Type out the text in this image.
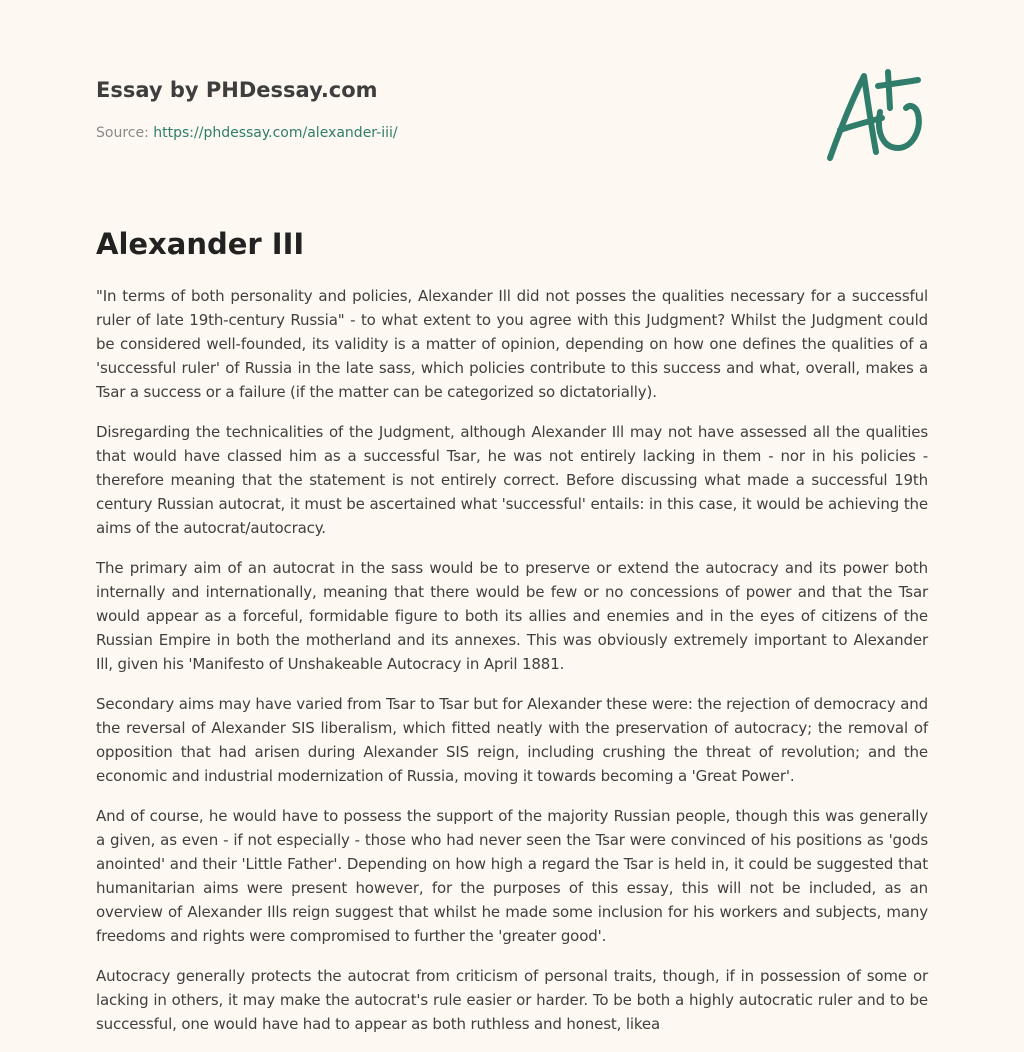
Essay by PHDessay.com
Source: https://phdessay.com/alexander-iii/
Alexander III

"In terms of both personality and policies, Alexander Ill did not posses the qualities necessary for a successful ruler of late 19th-century Russia" - to what extent to you agree with this Judgment? Whilst the Judgment could be considered well-founded, its validity is a matter of opinion, depending on how one defines the qualities of a 'successful ruler' of Russia in the late sass, which policies contribute to this success and what, overall, makes a Tsar a success or a failure (if the matter can be categorized so dictatorially).

Disregarding the technicalities of the Judgment, although Alexander Ill may not have assessed all the qualities that would have classed him as a successful Tsar, he was not entirely lacking in them - nor in his policies - therefore meaning that the statement is not entirely correct. Before discussing what made a successful 19th century Russian autocrat, it must be ascertained what 'successful' entails: in this case, it would be achieving the aims of the autocrat/autocracy.

The primary aim of an autocrat in the sass would be to preserve or extend the autocracy and its power both internally and internationally, meaning that there would be few or no concessions of power and that the Tsar would appear as a forceful, formidable figure to both its allies and enemies and in the eyes of citizens of the Russian Empire in both the motherland and its annexes. This was obviously extremely important to Alexander Ill, given his 'Manifesto of Unshakeable Autocracy in April 1881.

Secondary aims may have varied from Tsar to Tsar but for Alexander these were: the rejection of democracy and the reversal of Alexander SIS liberalism, which fitted neatly with the preservation of autocracy; the removal of opposition that had arisen during Alexander SIS reign, including crushing the threat of revolution; and the economic and industrial modernization of Russia, moving it towards becoming a 'Great Power'.

And of course, he would have to possess the support of the majority Russian people, though this was generally a given, as even - if not especially - those who had never seen the Tsar were convinced of his positions as 'gods anointed' and their 'Little Father'. Depending on how high a regard the Tsar is held in, it could be suggested that humanitarian aims were present however, for the purposes of this essay, this will not be included, as an overview of Alexander Ills reign suggest that whilst he made some inclusion for his workers and subjects, many freedoms and rights were compromised to further the 'greater good'.

Autocracy generally protects the autocrat from criticism of personal traits, though, if in possession of some or lacking in others, it may make the autocrat's rule easier or harder. To be both a highly autocratic ruler and to be successful, one would have had to appear as both ruthless and honest, likea
